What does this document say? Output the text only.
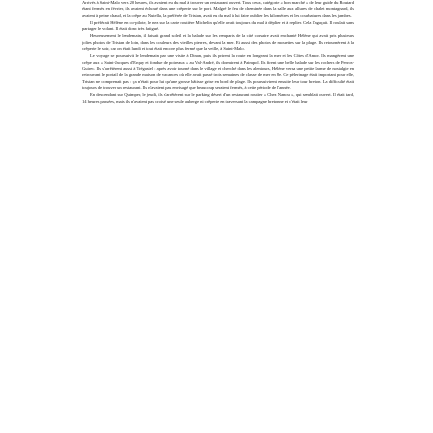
Arrivés à Saint-Malo vers 20 heures, ils avaient eu du mal à trouver un restaurant ouvert. Tous ceux, catégorie « bon marché » de leur guide du Routard étant fermés en février, ils avaient échoué dans une crêperie sur le port. Malgré le feu de cheminée dans la salle aux allures de chalet montagnard, ils avaient à peine chaud, et la crêpe au Nutella, la préférée de Tristan, avait eu du mal à lui faire oublier les kilomètres et les courbatures dans les jambes.

Il préférait Hélène en co-pilote, le nez sur la carte routière Michelin qu'elle avait toujours du mal à déplier et à replier. Cela l'agaçait. Il roulait sans partager le volant. Il était donc très fatigué.

Heureusement le lendemain, il faisait grand soleil et la balade sur les remparts de la cité corsaire avait enchanté Hélène qui avait pris plusieurs jolies photos de Tristan de loin, dans les couleurs des vieilles pierres, devant la mer. Et aussi des photos de mouettes sur la plage. Ils retournèrent à la crêperie le soir, car on était lundi et tout était encore plus fermé que la veille, à Saint-Malo.

Le voyage se poursuivit le lendemain par une visite à Dinan, puis ils prirent la route en longeant la mer et les Côtes d'Amor. Ils mangèrent une crêpe aux « Saint-Jacques d'Erquy et fondue de poireaux » au Val-André, ils dormirent à Paimpol. Ils firent une belle balade sur les rochers de Perros-Guirec. Ils s'arrêtèrent aussi à Trégastel : après avoir tourné dans le village et cherché dans les alentours, Hélène versa une petite larme de nostalgie en retrouvant le portail de la grande maison de vacances où elle avait passé trois semaines de classe de mer en 8e. Ce pèlerinage était important pour elle, Tristan ne comprenait pas : ça n'était pour lui qu'une grosse bâtisse grise en bord de plage. Ils poursuivirent ensuite leur tour breton. La difficulté était toujours de trouver un restaurant. Ils n'avaient pas envisagé que beaucoup seraient fermés, à cette période de l'année.

En descendant sur Quimper, le jeudi, ils s'arrêtèrent sur le parking désert d'un restaurant routier « Chez Nanou », qui semblait ouvert. Il était tard, 14 heures passées, mais ils n'avaient pas croisé une seule auberge ni crêperie en traversant la campagne bretonne et c'était leur
